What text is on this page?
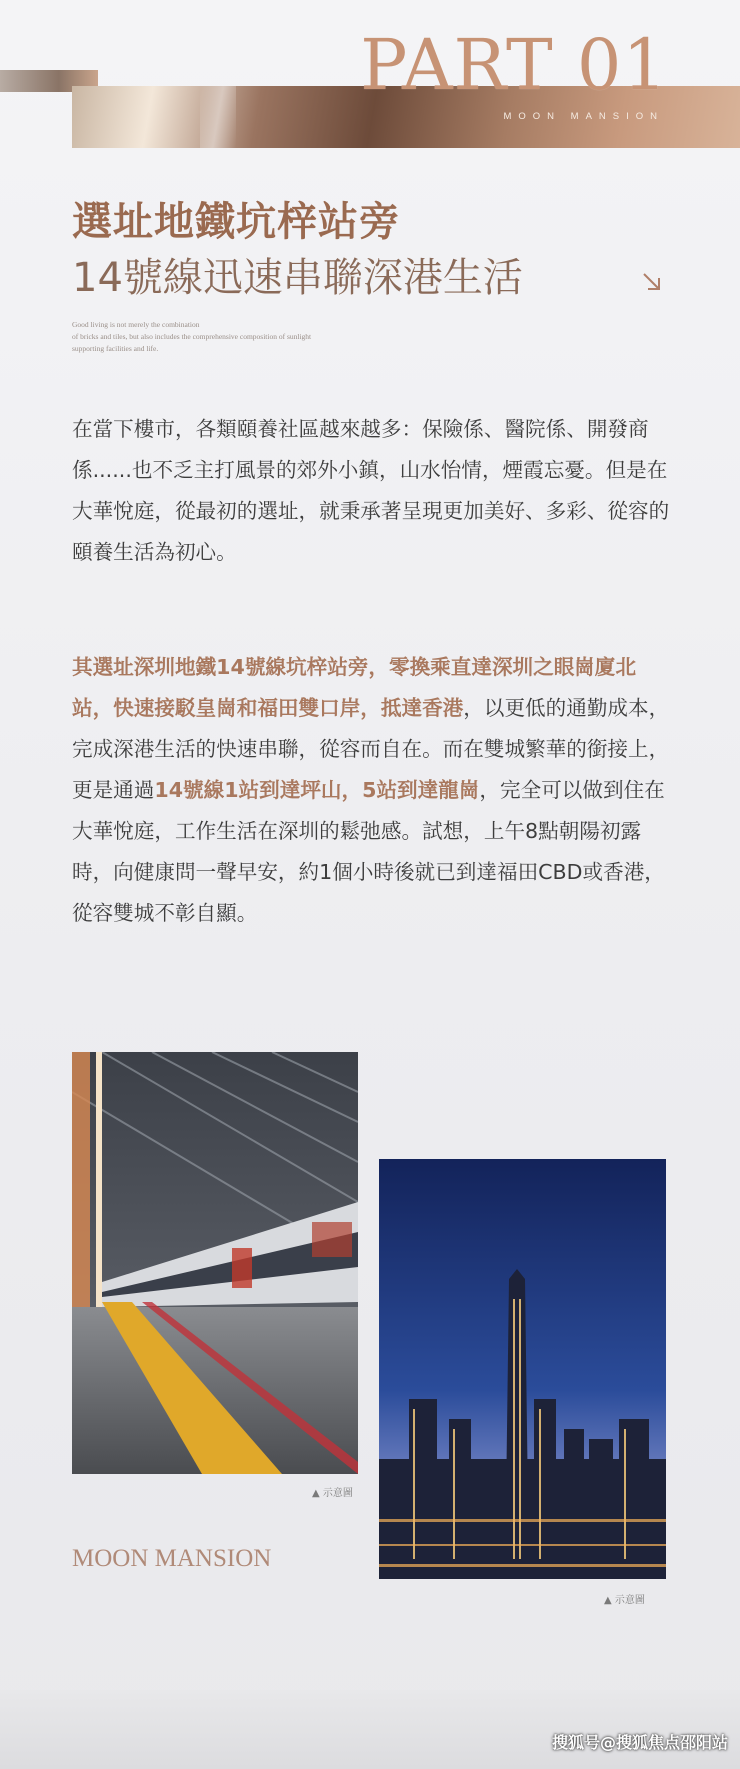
PART 01
MOON MANSION
選址地鐵坑梓站旁
14號線迅速串聯深港生活
Good living is not merely the combination
of bricks and tiles, but also includes the comprehensive composition of sunlight
supporting facilities and life.
在當下樓市，各類頤養社區越來越多：保險係、醫院係、開發商係......也不乏主打風景的郊外小鎮，山水怡情，煙霞忘憂。但是在大華悅庭，從最初的選址，就秉承著呈現更加美好、多彩、從容的頤養生活為初心。
其選址深圳地鐵14號線坑梓站旁，零換乘直達深圳之眼崗廈北站，快速接駁皇崗和福田雙口岸，抵達香港，以更低的通勤成本，完成深港生活的快速串聯，從容而自在。而在雙城繁華的銜接上，更是通過14號線1站到達坪山，5站到達龍崗，完全可以做到住在大華悅庭，工作生活在深圳的鬆弛感。試想，上午8點朝陽初露時，向健康問一聲早安，約1個小時後就已到達福田CBD或香港，從容雙城不彰自顯。
▲ 示意圖
▲ 示意圖
MOON MANSION
搜狐号@搜狐焦点邵阳站
